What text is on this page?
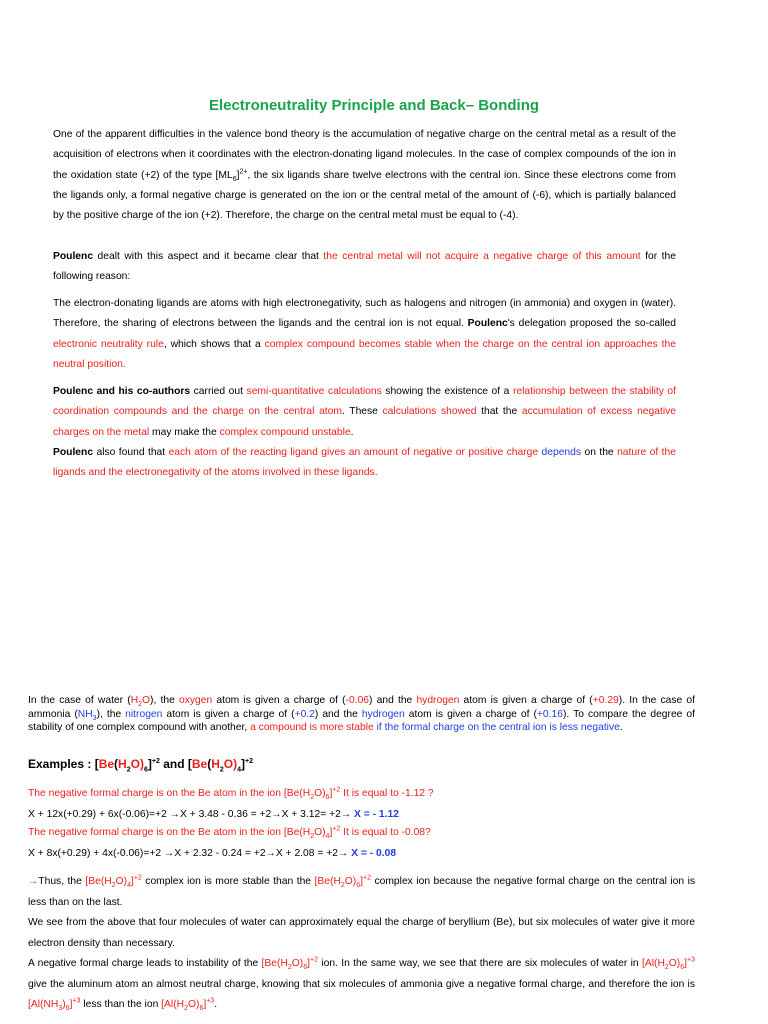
Electroneutrality Principle and Back– Bonding
One of the apparent difficulties in the valence bond theory is the accumulation of negative charge on the central metal as a result of the acquisition of electrons when it coordinates with the electron-donating ligand molecules. In the case of complex compounds of the ion in the oxidation state (+2) of the type $[ML_6]^{2+}$, the six ligands share twelve electrons with the central ion. Since these electrons come from the ligands only, a formal negative charge is generated on the ion or the central metal of the amount of (-6), which is partially balanced by the positive charge of the ion (+2). Therefore, the charge on the central metal must be equal to (-4).
Poulenc dealt with this aspect and it became clear that the central metal will not acquire a negative charge of this amount for the following reason:
The electron-donating ligands are atoms with high electronegativity, such as halogens and nitrogen (in ammonia) and oxygen in (water). Therefore, the sharing of electrons between the ligands and the central ion is not equal. Poulenc's delegation proposed the so-called electronic neutrality rule, which shows that a complex compound becomes stable when the charge on the central ion approaches the neutral position.
Poulenc and his co-authors carried out semi-quantitative calculations showing the existence of a relationship between the stability of coordination compounds and the charge on the central atom. These calculations showed that the accumulation of excess negative charges on the metal may make the complex compound unstable.
Poulenc also found that each atom of the reacting ligand gives an amount of negative or positive charge depends on the nature of the ligands and the electronegativity of the atoms involved in these ligands.
In the case of water $(H_2O)$, the oxygen atom is given a charge of (-0.06) and the hydrogen atom is given a charge of (+0.29). In the case of ammonia $(NH_3)$, the nitrogen atom is given a charge of (+0.2) and the hydrogen atom is given a charge of (+0.16). To compare the degree of stability of one complex compound with another, a compound is more stable if the formal charge on the central ion is less negative.
Examples : $[Be(H_2O)_6]^{+2}$ and $[Be(H_2O)_4]^{+2}$
The negative formal charge is on the Be atom in the ion $[Be(H_2O)_6]^{+2}$ It is equal to -1.12 ?
X + 12x(+0.29) + 6x(-0.06)=+2 →X + 3.48 - 0.36 = +2→X + 3.12= +2→ X = - 1.12
The negative formal charge is on the Be atom in the ion $[Be(H_2O)_4]^{+2}$ It is equal to -0.08?
X + 8x(+0.29) + 4x(-0.06)=+2 →X + 2.32 - 0.24 = +2→X + 2.08 = +2→ X = - 0.08
→Thus, the $[Be(H_2O)_4]^{+2}$ complex ion is more stable than the $[Be(H_2O)_6]^{+2}$ complex ion because the negative formal charge on the central ion is less than on the last.
We see from the above that four molecules of water can approximately equal the charge of beryllium (Be), but six molecules of water give it more electron density than necessary.
A negative formal charge leads to instability of the $[Be(H_2O)_6]^{+2}$ ion. In the same way, we see that there are six molecules of water in $[Al(H_2O)_6]^{+3}$ give the aluminum atom an almost neutral charge, knowing that six molecules of ammonia give a negative formal charge, and therefore the ion is $[Al(NH_3)_6]^{+3}$ less than the ion $[Al(H_2O)_6]^{+3}$.
